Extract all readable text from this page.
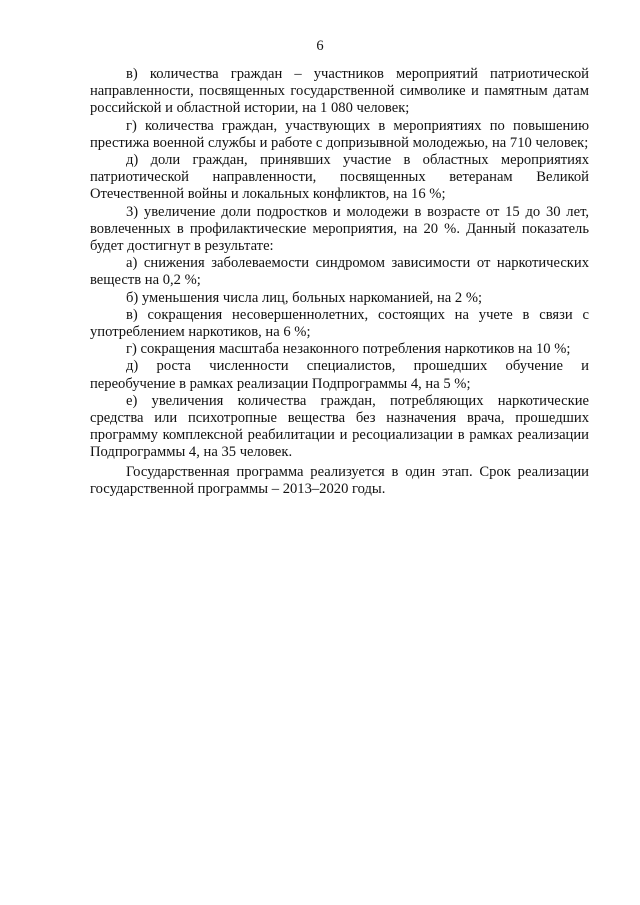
6

в) количества граждан – участников мероприятий патриотической направленности, посвященных государственной символике и памятным датам российской и областной истории, на 1 080 человек;

г) количества граждан, участвующих в мероприятиях по повышению престижа военной службы и работе с допризывной молодежью, на 710 человек;

д) доли граждан, принявших участие в областных мероприятиях патриотической направленности, посвященных ветеранам Великой Отечественной войны и локальных конфликтов, на 16 %;

3) увеличение доли подростков и молодежи в возрасте от 15 до 30 лет, вовлеченных в профилактические мероприятия, на 20 %. Данный показатель будет достигнут в результате:

а) снижения заболеваемости синдромом зависимости от наркотических веществ на 0,2 %;

б) уменьшения числа лиц, больных наркоманией, на 2 %;

в) сокращения несовершеннолетних, состоящих на учете в связи с употреблением наркотиков, на 6 %;

г) сокращения масштаба незаконного потребления наркотиков на 10 %;

д) роста численности специалистов, прошедших обучение и переобучение в рамках реализации Подпрограммы 4, на 5 %;

е) увеличения количества граждан, потребляющих наркотические средства или психотропные вещества без назначения врача, прошедших программу комплексной реабилитации и ресоциализации в рамках реализации Подпрограммы 4, на 35 человек.

Государственная программа реализуется в один этап. Срок реализации государственной программы – 2013–2020 годы.
